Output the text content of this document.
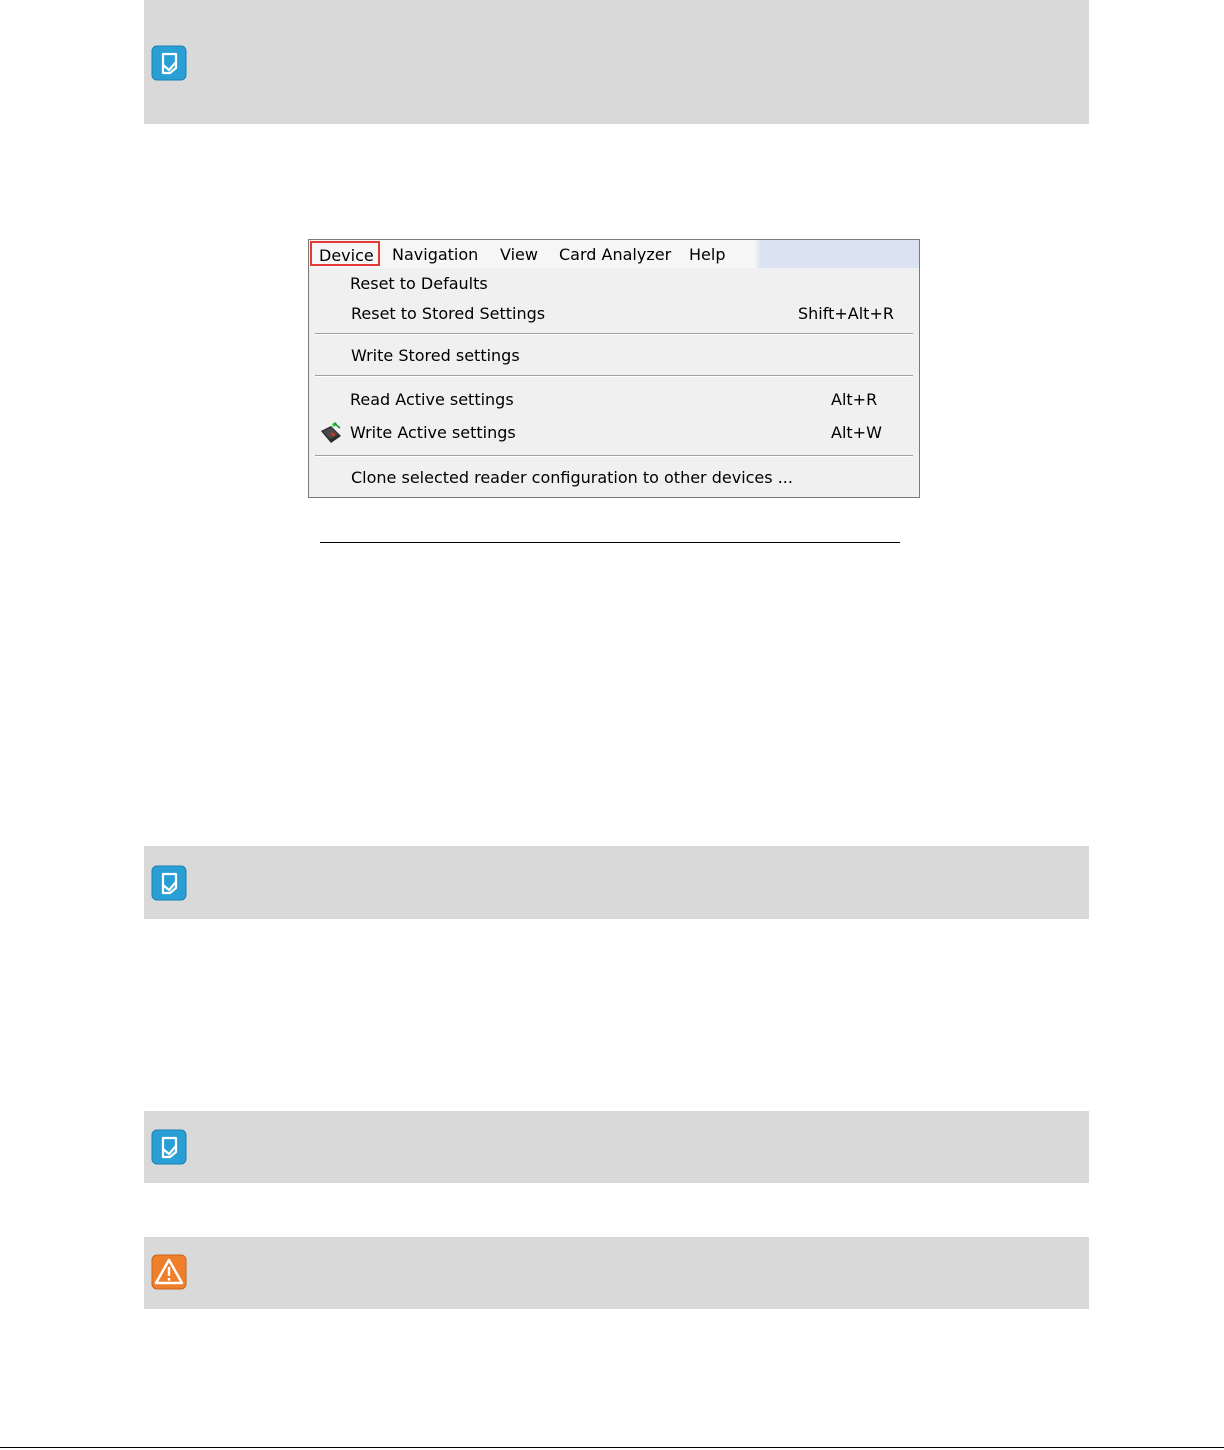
Device	Navigation View Card Analyzer Help
Reset to Defaults
Reset to Stored Settings	Shift+Alt+R
Write Stored settings
Read Active settings	Alt+R
Write Active settings	Alt+W
Clone selected reader configuration to other devices ...
